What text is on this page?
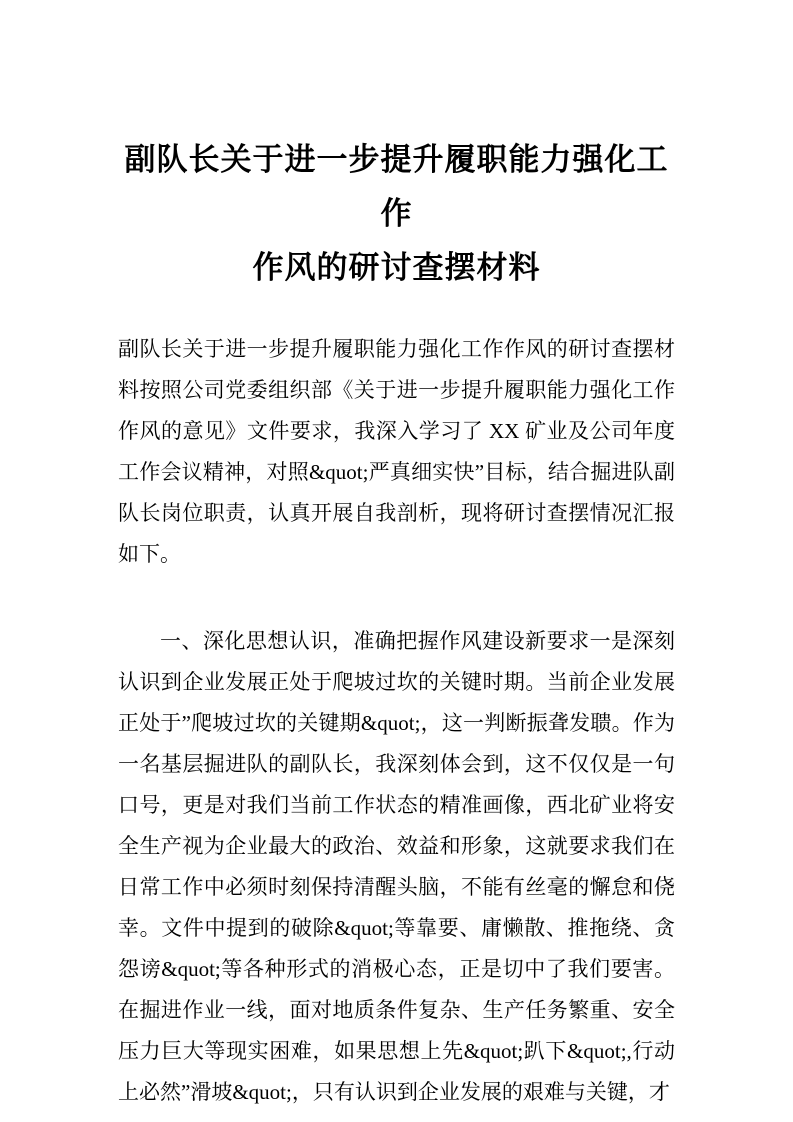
副队长关于进一步提升履职能力强化工作
作风的研讨查摆材料

副队长关于进一步提升履职能力强化工作作风的研讨查摆材料按照公司党委组织部《关于进一步提升履职能力强化工作作风的意见》文件要求，我深入学习了 XX 矿业及公司年度工作会议精神，对照&quot;严真细实快”目标，结合掘进队副队长岗位职责，认真开展自我剖析，现将研讨查摆情况汇报如下。

一、深化思想认识，准确把握作风建设新要求一是深刻认识到企业发展正处于爬坡过坎的关键时期。当前企业发展正处于”爬坡过坎的关键期&quot;，这一判断振聋发聩。作为一名基层掘进队的副队长，我深刻体会到，这不仅仅是一句口号，更是对我们当前工作状态的精准画像，西北矿业将安全生产视为企业最大的政治、效益和形象，这就要求我们在日常工作中必须时刻保持清醒头脑，不能有丝毫的懈怠和侥幸。文件中提到的破除&quot;等靠要、庸懒散、推拖绕、贪怨谤&quot;等各种形式的消极心态，正是切中了我们要害。在掘进作业一线，面对地质条件复杂、生产任务繁重、安全压力巨大等现实困难，如果思想上先&quot;趴下&quot;,行动上必然”滑坡&quot;，只有认识到企业发展的艰难与关键，才
